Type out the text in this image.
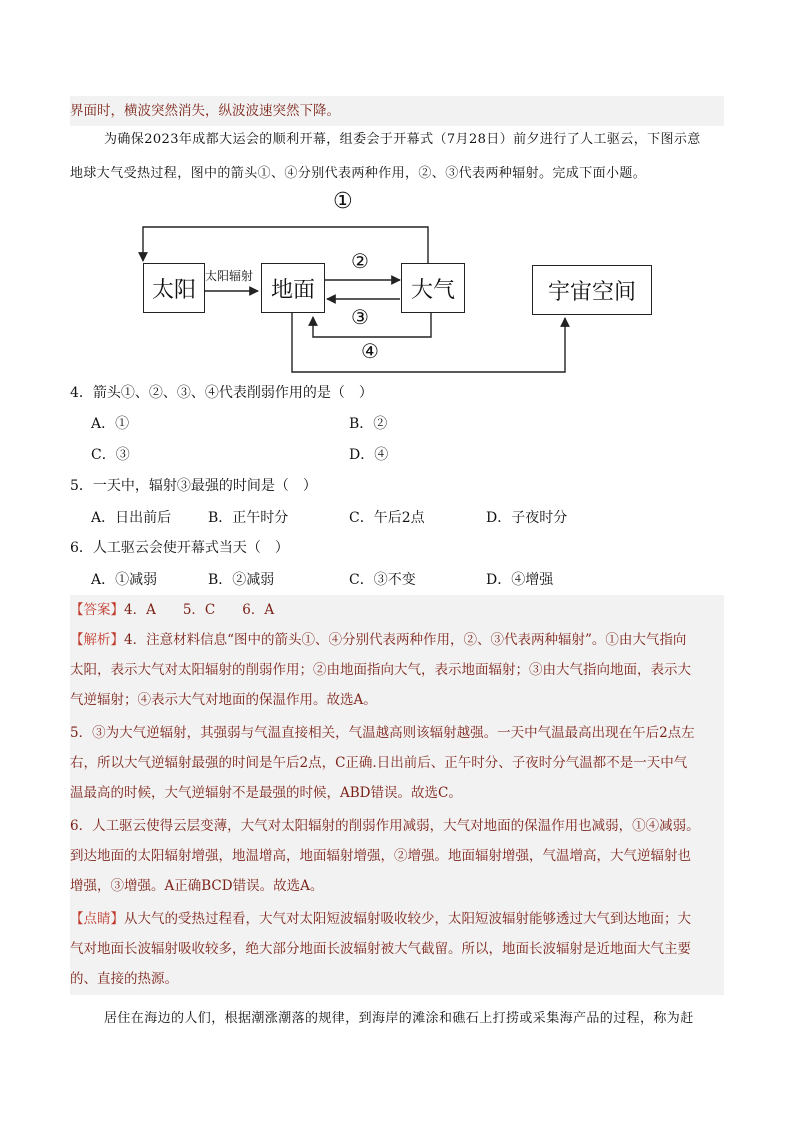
界面时，横波突然消失，纵波波速突然下降。
为确保2023年成都大运会的顺利开幕，组委会于开幕式（7月28日）前夕进行了人工驱云，下图示意
地球大气受热过程，图中的箭头①、④分别代表两种作用，②、③代表两种辐射。完成下面小题。
太阳	地面	大气	宇宙空间
太阳辐射
①
②
③
④
4．箭头①、②、③、④代表削弱作用的是（　）
A．①	B．②
C．③	D．④
5．一天中，辐射③最强的时间是（　）
A．日出前后	B．正午时分	C．午后2点	D．子夜时分
6．人工驱云会使开幕式当天（　）
A．①减弱	B．②减弱	C．③不变	D．④增强
【答案】4．A　　5．C　　6．A
【解析】4．注意材料信息“图中的箭头①、④分别代表两种作用，②、③代表两种辐射”。①由大气指向
太阳，表示大气对太阳辐射的削弱作用；②由地面指向大气，表示地面辐射；③由大气指向地面，表示大
气逆辐射；④表示大气对地面的保温作用。故选A。
5．③为大气逆辐射，其强弱与气温直接相关，气温越高则该辐射越强。一天中气温最高出现在午后2点左
右，所以大气逆辐射最强的时间是午后2点，C正确.日出前后、正午时分、子夜时分气温都不是一天中气
温最高的时候，大气逆辐射不是最强的时候，ABD错误。故选C。
6．人工驱云使得云层变薄，大气对太阳辐射的削弱作用减弱，大气对地面的保温作用也减弱，①④减弱。
到达地面的太阳辐射增强，地温增高，地面辐射增强，②增强。地面辐射增强，气温增高，大气逆辐射也
增强，③增强。A正确BCD错误。故选A。
【点睛】从大气的受热过程看，大气对太阳短波辐射吸收较少，太阳短波辐射能够透过大气到达地面；大
气对地面长波辐射吸收较多，绝大部分地面长波辐射被大气截留。所以，地面长波辐射是近地面大气主要
的、直接的热源。
居住在海边的人们，根据潮涨潮落的规律，到海岸的滩涂和礁石上打捞或采集海产品的过程，称为赶
